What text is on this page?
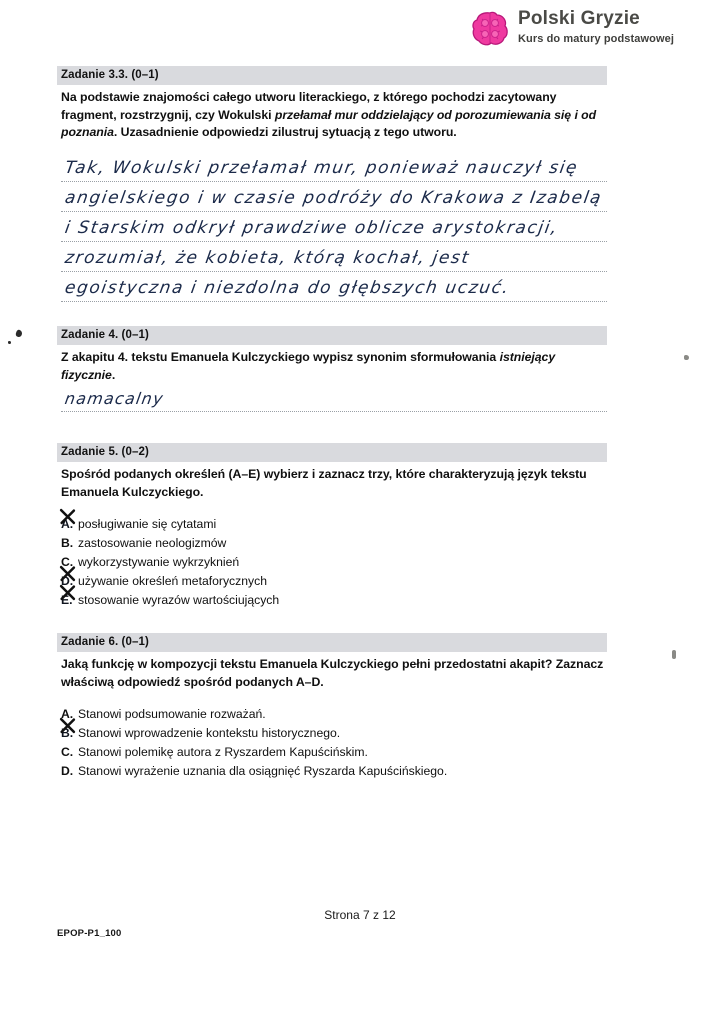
Polski Gryzie
Kurs do matury podstawowej
Zadanie 3.3. (0–1)
Na podstawie znajomości całego utworu literackiego, z którego pochodzi zacytowany fragment, rozstrzygnij, czy Wokulski przełamał mur oddzielający od porozumiewania się i od poznania. Uzasadnienie odpowiedzi zilustruj sytuacją z tego utworu.
Tak, Wokulski przełamał mur, ponieważ nauczył się
angielskiego i w czasie podróży do Krakowa z Izabelą
i Starskim odkrył prawdziwe oblicze arystokracji,
zrozumiał, że kobieta, którą kochał, jest
egoistyczna i niezdolna do głębszych uczuć.
Zadanie 4. (0–1)
Z akapitu 4. tekstu Emanuela Kulczyckiego wypisz synonim sformułowania istniejący fizycznie.
namacalny
Zadanie 5. (0–2)
Spośród podanych określeń (A–E) wybierz i zaznacz trzy, które charakteryzują język tekstu Emanuela Kulczyckiego.
A. posługiwanie się cytatami
B. zastosowanie neologizmów
C. wykorzystywanie wykrzyknień
D. używanie określeń metaforycznych
E. stosowanie wyrazów wartościujących
Zadanie 6. (0–1)
Jaką funkcję w kompozycji tekstu Emanuela Kulczyckiego pełni przedostatni akapit? Zaznacz właściwą odpowiedź spośród podanych A–D.
A. Stanowi podsumowanie rozważań.
B. Stanowi wprowadzenie kontekstu historycznego.
C. Stanowi polemikę autora z Ryszardem Kapuścińskim.
D. Stanowi wyrażenie uznania dla osiągnięć Ryszarda Kapuścińskiego.
Strona 7 z 12
EPOP-P1_100
